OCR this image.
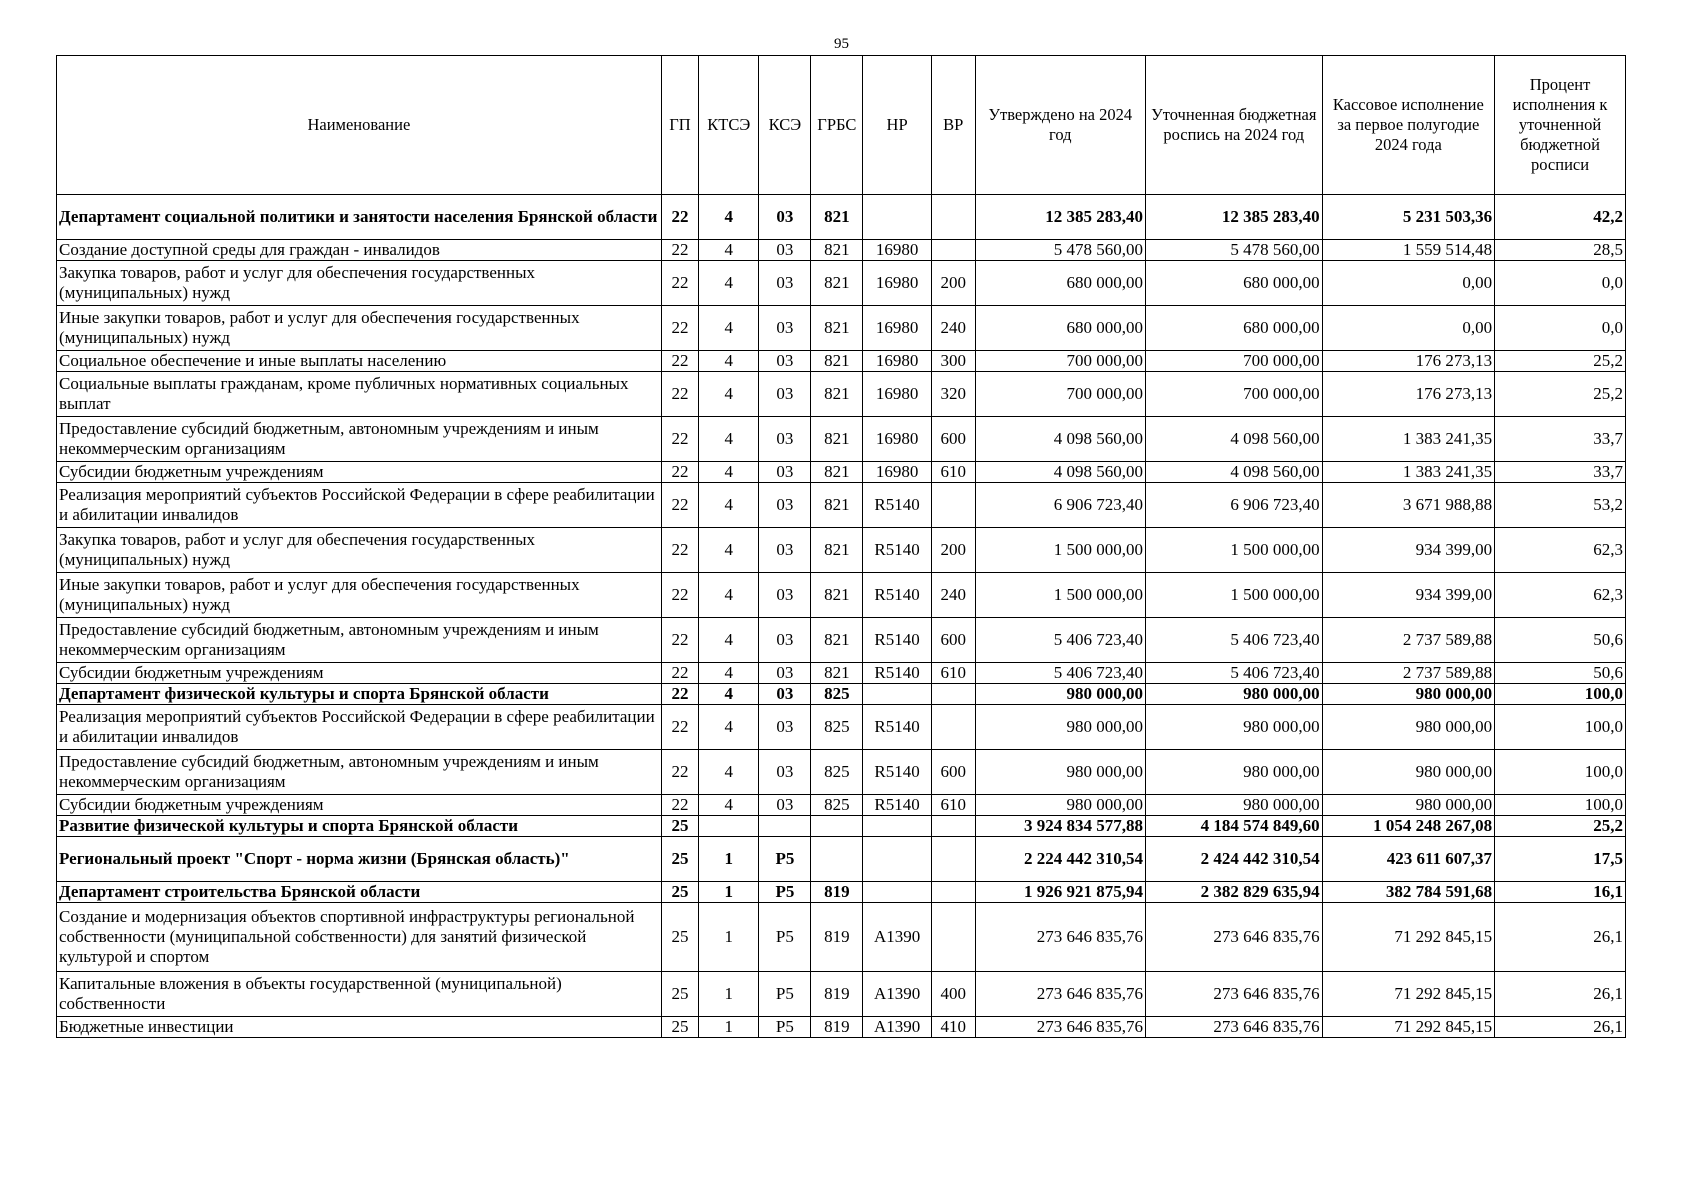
95
Наименование	ГП	КТСЭ	КСЭ	ГРБС	НР	ВР	Утверждено на 2024 год	Уточненная бюджетная роспись на 2024 год	Кассовое исполнение за первое полугодие 2024 года	Процент исполнения к уточненной бюджетной росписи
Департамент социальной политики и занятости населения Брянской области	22	4	03	821			12 385 283,40	12 385 283,40	5 231 503,36	42,2
Создание доступной среды для граждан - инвалидов	22	4	03	821	16980		5 478 560,00	5 478 560,00	1 559 514,48	28,5
Закупка товаров, работ и услуг для обеспечения государственных (муниципальных) нужд	22	4	03	821	16980	200	680 000,00	680 000,00	0,00	0,0
Иные закупки товаров, работ и услуг для обеспечения государственных (муниципальных) нужд	22	4	03	821	16980	240	680 000,00	680 000,00	0,00	0,0
Социальное обеспечение и иные выплаты населению	22	4	03	821	16980	300	700 000,00	700 000,00	176 273,13	25,2
Социальные выплаты гражданам, кроме публичных нормативных социальных выплат	22	4	03	821	16980	320	700 000,00	700 000,00	176 273,13	25,2
Предоставление субсидий бюджетным, автономным учреждениям и иным некоммерческим организациям	22	4	03	821	16980	600	4 098 560,00	4 098 560,00	1 383 241,35	33,7
Субсидии бюджетным учреждениям	22	4	03	821	16980	610	4 098 560,00	4 098 560,00	1 383 241,35	33,7
Реализация мероприятий субъектов Российской Федерации в сфере реабилитации и абилитации инвалидов	22	4	03	821	R5140		6 906 723,40	6 906 723,40	3 671 988,88	53,2
Закупка товаров, работ и услуг для обеспечения государственных (муниципальных) нужд	22	4	03	821	R5140	200	1 500 000,00	1 500 000,00	934 399,00	62,3
Иные закупки товаров, работ и услуг для обеспечения государственных (муниципальных) нужд	22	4	03	821	R5140	240	1 500 000,00	1 500 000,00	934 399,00	62,3
Предоставление субсидий бюджетным, автономным учреждениям и иным некоммерческим организациям	22	4	03	821	R5140	600	5 406 723,40	5 406 723,40	2 737 589,88	50,6
Субсидии бюджетным учреждениям	22	4	03	821	R5140	610	5 406 723,40	5 406 723,40	2 737 589,88	50,6
Департамент физической культуры и спорта Брянской области	22	4	03	825			980 000,00	980 000,00	980 000,00	100,0
Реализация мероприятий субъектов Российской Федерации в сфере реабилитации и абилитации инвалидов	22	4	03	825	R5140		980 000,00	980 000,00	980 000,00	100,0
Предоставление субсидий бюджетным, автономным учреждениям и иным некоммерческим организациям	22	4	03	825	R5140	600	980 000,00	980 000,00	980 000,00	100,0
Субсидии бюджетным учреждениям	22	4	03	825	R5140	610	980 000,00	980 000,00	980 000,00	100,0
Развитие физической культуры и спорта Брянской области	25						3 924 834 577,88	4 184 574 849,60	1 054 248 267,08	25,2
Региональный проект "Спорт - норма жизни (Брянская область)"	25	1	P5				2 224 442 310,54	2 424 442 310,54	423 611 607,37	17,5
Департамент строительства Брянской области	25	1	P5	819			1 926 921 875,94	2 382 829 635,94	382 784 591,68	16,1
Создание и модернизация объектов спортивной инфраструктуры региональной собственности (муниципальной собственности) для занятий физической культурой и спортом	25	1	P5	819	A1390		273 646 835,76	273 646 835,76	71 292 845,15	26,1
Капитальные вложения в объекты государственной (муниципальной) собственности	25	1	P5	819	A1390	400	273 646 835,76	273 646 835,76	71 292 845,15	26,1
Бюджетные инвестиции	25	1	P5	819	A1390	410	273 646 835,76	273 646 835,76	71 292 845,15	26,1
